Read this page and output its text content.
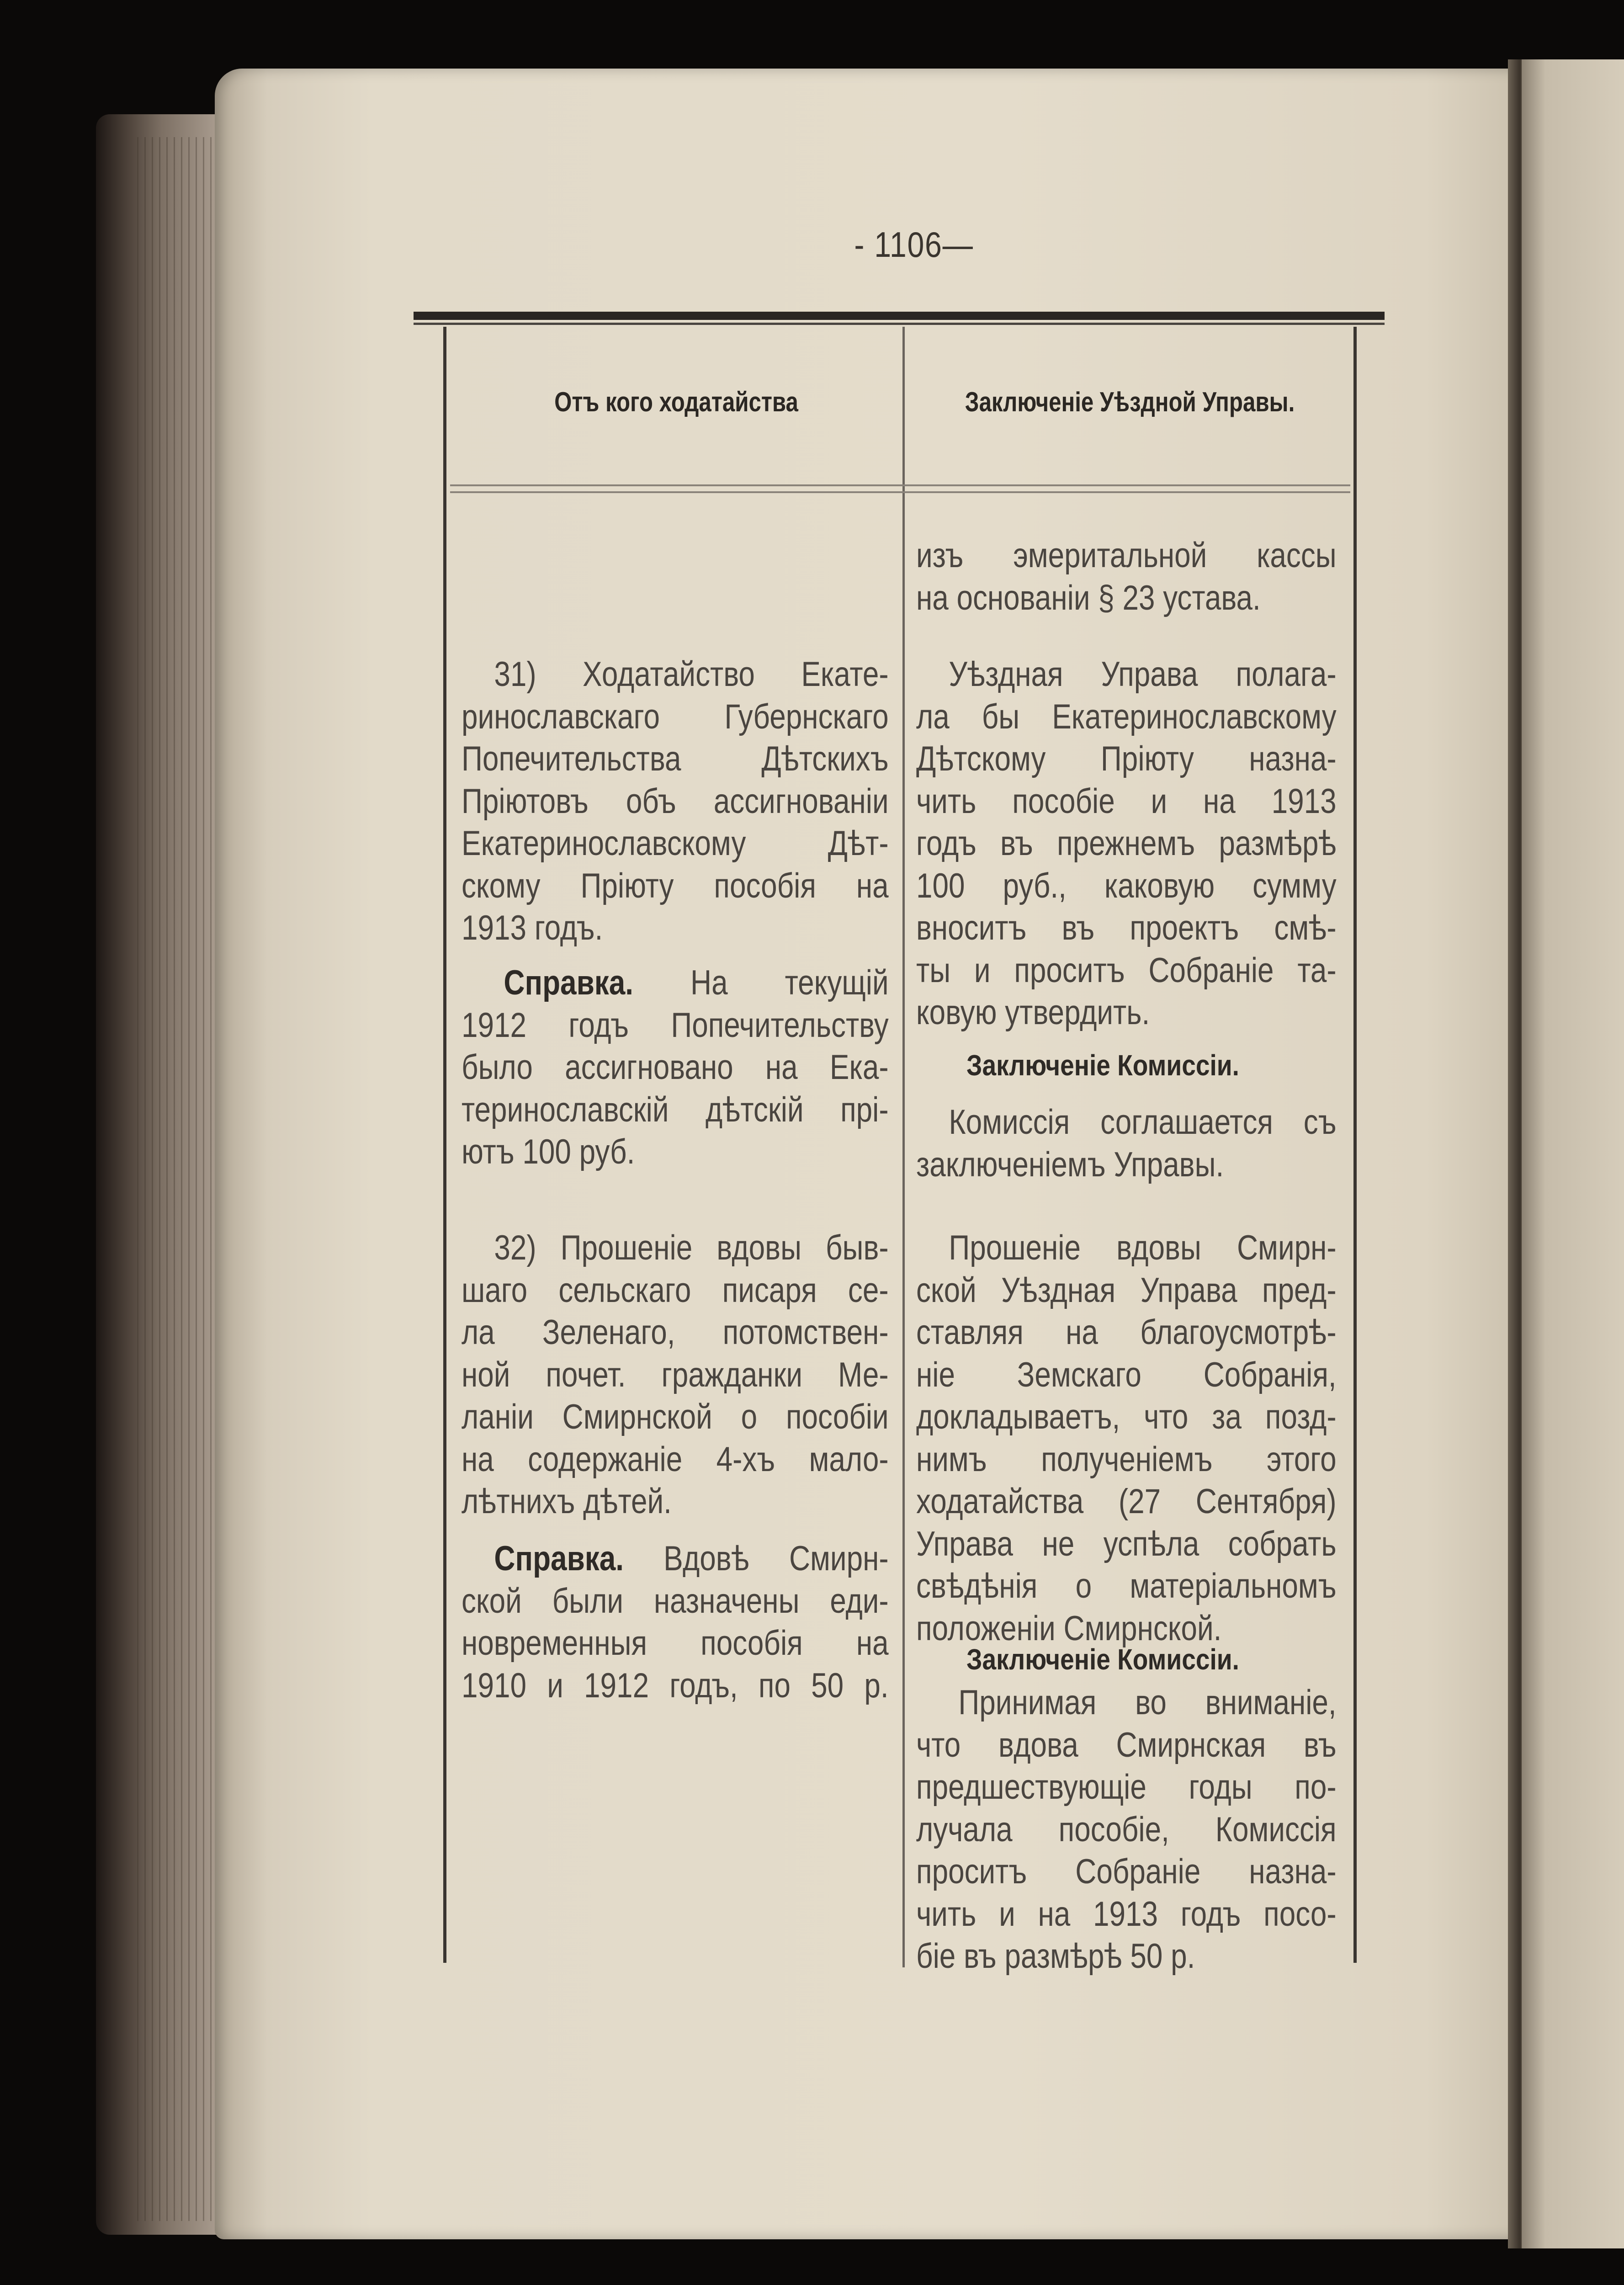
- 1106—
Отъ кого ходатайства	Заключеніе Уѣздной Управы.
31) Ходатайство Екате-
ринославскаго Губернскаго
Попечительства Дѣтскихъ
Пріютовъ объ ассигнованіи
Екатеринославскому Дѣт-
скому Пріюту пособія на
1913 годъ.
Справка. На текущій
1912 годъ Попечительству
было ассигновано на Ека-
теринославскій дѣтскій прі-
ютъ 100 руб.
32) Прошеніе вдовы быв-
шаго сельскаго писаря се-
ла Зеленаго, потомствен-
ной почет. гражданки Ме-
ланіи Смирнской о пособіи
на содержаніе 4-хъ мало-
лѣтнихъ дѣтей.
Справка. Вдовѣ Смирн-
ской были назначены еди-
новременныя пособія на
1910 и 1912 годъ, по 50 р.
изъ эмеритальной кассы
на основаніи § 23 устава.
Уѣздная Управа полага-
ла бы Екатеринославскому
Дѣтскому Пріюту назна-
чить пособіе и на 1913
годъ въ прежнемъ размѣрѣ
100 руб., каковую сумму
вноситъ въ проектъ смѣ-
ты и проситъ Собраніе та-
ковую утвердить.
Заключеніе Комиссіи.
Комиссія соглашается съ
заключеніемъ Управы.
Прошеніе вдовы Смирн-
ской Уѣздная Управа пред-
ставляя на благоусмотрѣ-
ніе Земскаго Собранія,
докладываетъ, что за позд-
нимъ полученіемъ этого
ходатайства (27 Сентября)
Управа не успѣла собрать
свѣдѣнія о матеріальномъ
положеніи Смирнской.
Заключеніе Комиссіи.
Принимая во вниманіе,
что вдова Смирнская въ
предшествующіе годы по-
лучала пособіе, Комиссія
проситъ Собраніе назна-
чить и на 1913 годъ посо-
біе въ размѣрѣ 50 р.
